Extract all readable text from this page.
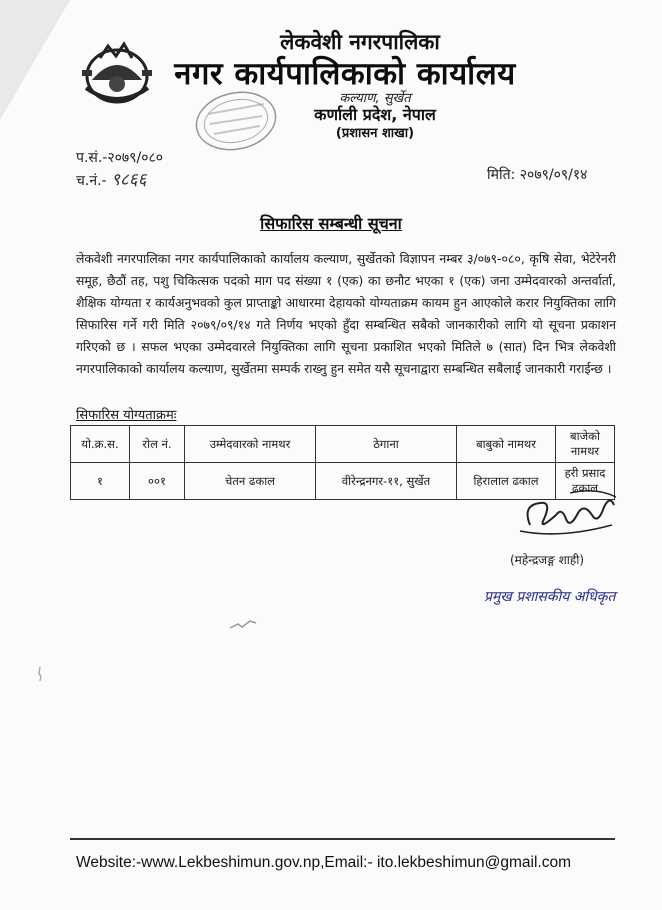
लेकवेशी नगरपालिका
नगर कार्यपालिकाको कार्यालय
कल्याण, सुर्खेत
कर्णाली प्रदेश, नेपाल
(प्रशासन शाखा)
प.सं.-२०७९/०८०
च.नं.- ९८६६	मिति: २०७९/०९/१४
सिफारिस सम्बन्धी सूचना
लेकवेशी नगरपालिका नगर कार्यपालिकाको कार्यालय कल्याण, सुर्खेतको विज्ञापन नम्बर ३/०७९-०८०, कृषि सेवा, भेटेरेनरी समूह, छैठौं तह, पशु चिकित्सक पदको माग पद संख्या १ (एक) का छनौट भएका १ (एक) जना उम्मेदवारको अन्तर्वार्ता, शैक्षिक योग्यता र कार्यअनुभवको कुल प्राप्ताङ्को आधारमा देहायको योग्यताक्रम कायम हुन आएकोले करार नियुक्तिका लागि सिफारिस गर्ने गरी मिति २०७९/०९/१४ गते निर्णय भएको हुँदा सम्बन्धित सबैको जानकारीको लागि यो सूचना प्रकाशन गरिएको छ । सफल भएका उम्मेदवारले नियुक्तिका लागि सूचना प्रकाशित भएको मितिले ७ (सात) दिन भित्र लेकवेशी नगरपालिकाको कार्यालय कल्याण, सुर्खेतमा सम्पर्क राख्नु हुन समेत यसै सूचनाद्वारा सम्बन्धित सबैलाई जानकारी गराईन्छ ।
सिफारिस योग्यताक्रमः
यो.क्र.स.	रोल नं.	उम्मेदवारको नामथर	ठेगाना	बाबुको नामथर	बाजेको नामथर
१	००१	चेतन ढकाल	वीरेन्द्रनगर-११, सुर्खेत	हिरालाल ढकाल	हरी प्रसाद ढकाल
(महेन्द्रजङ्ग शाही)
प्रमुख प्रशासकीय अधिकृत
Website:-www.Lekbeshimun.gov.np,Email:- ito.lekbeshimun@gmail.com
